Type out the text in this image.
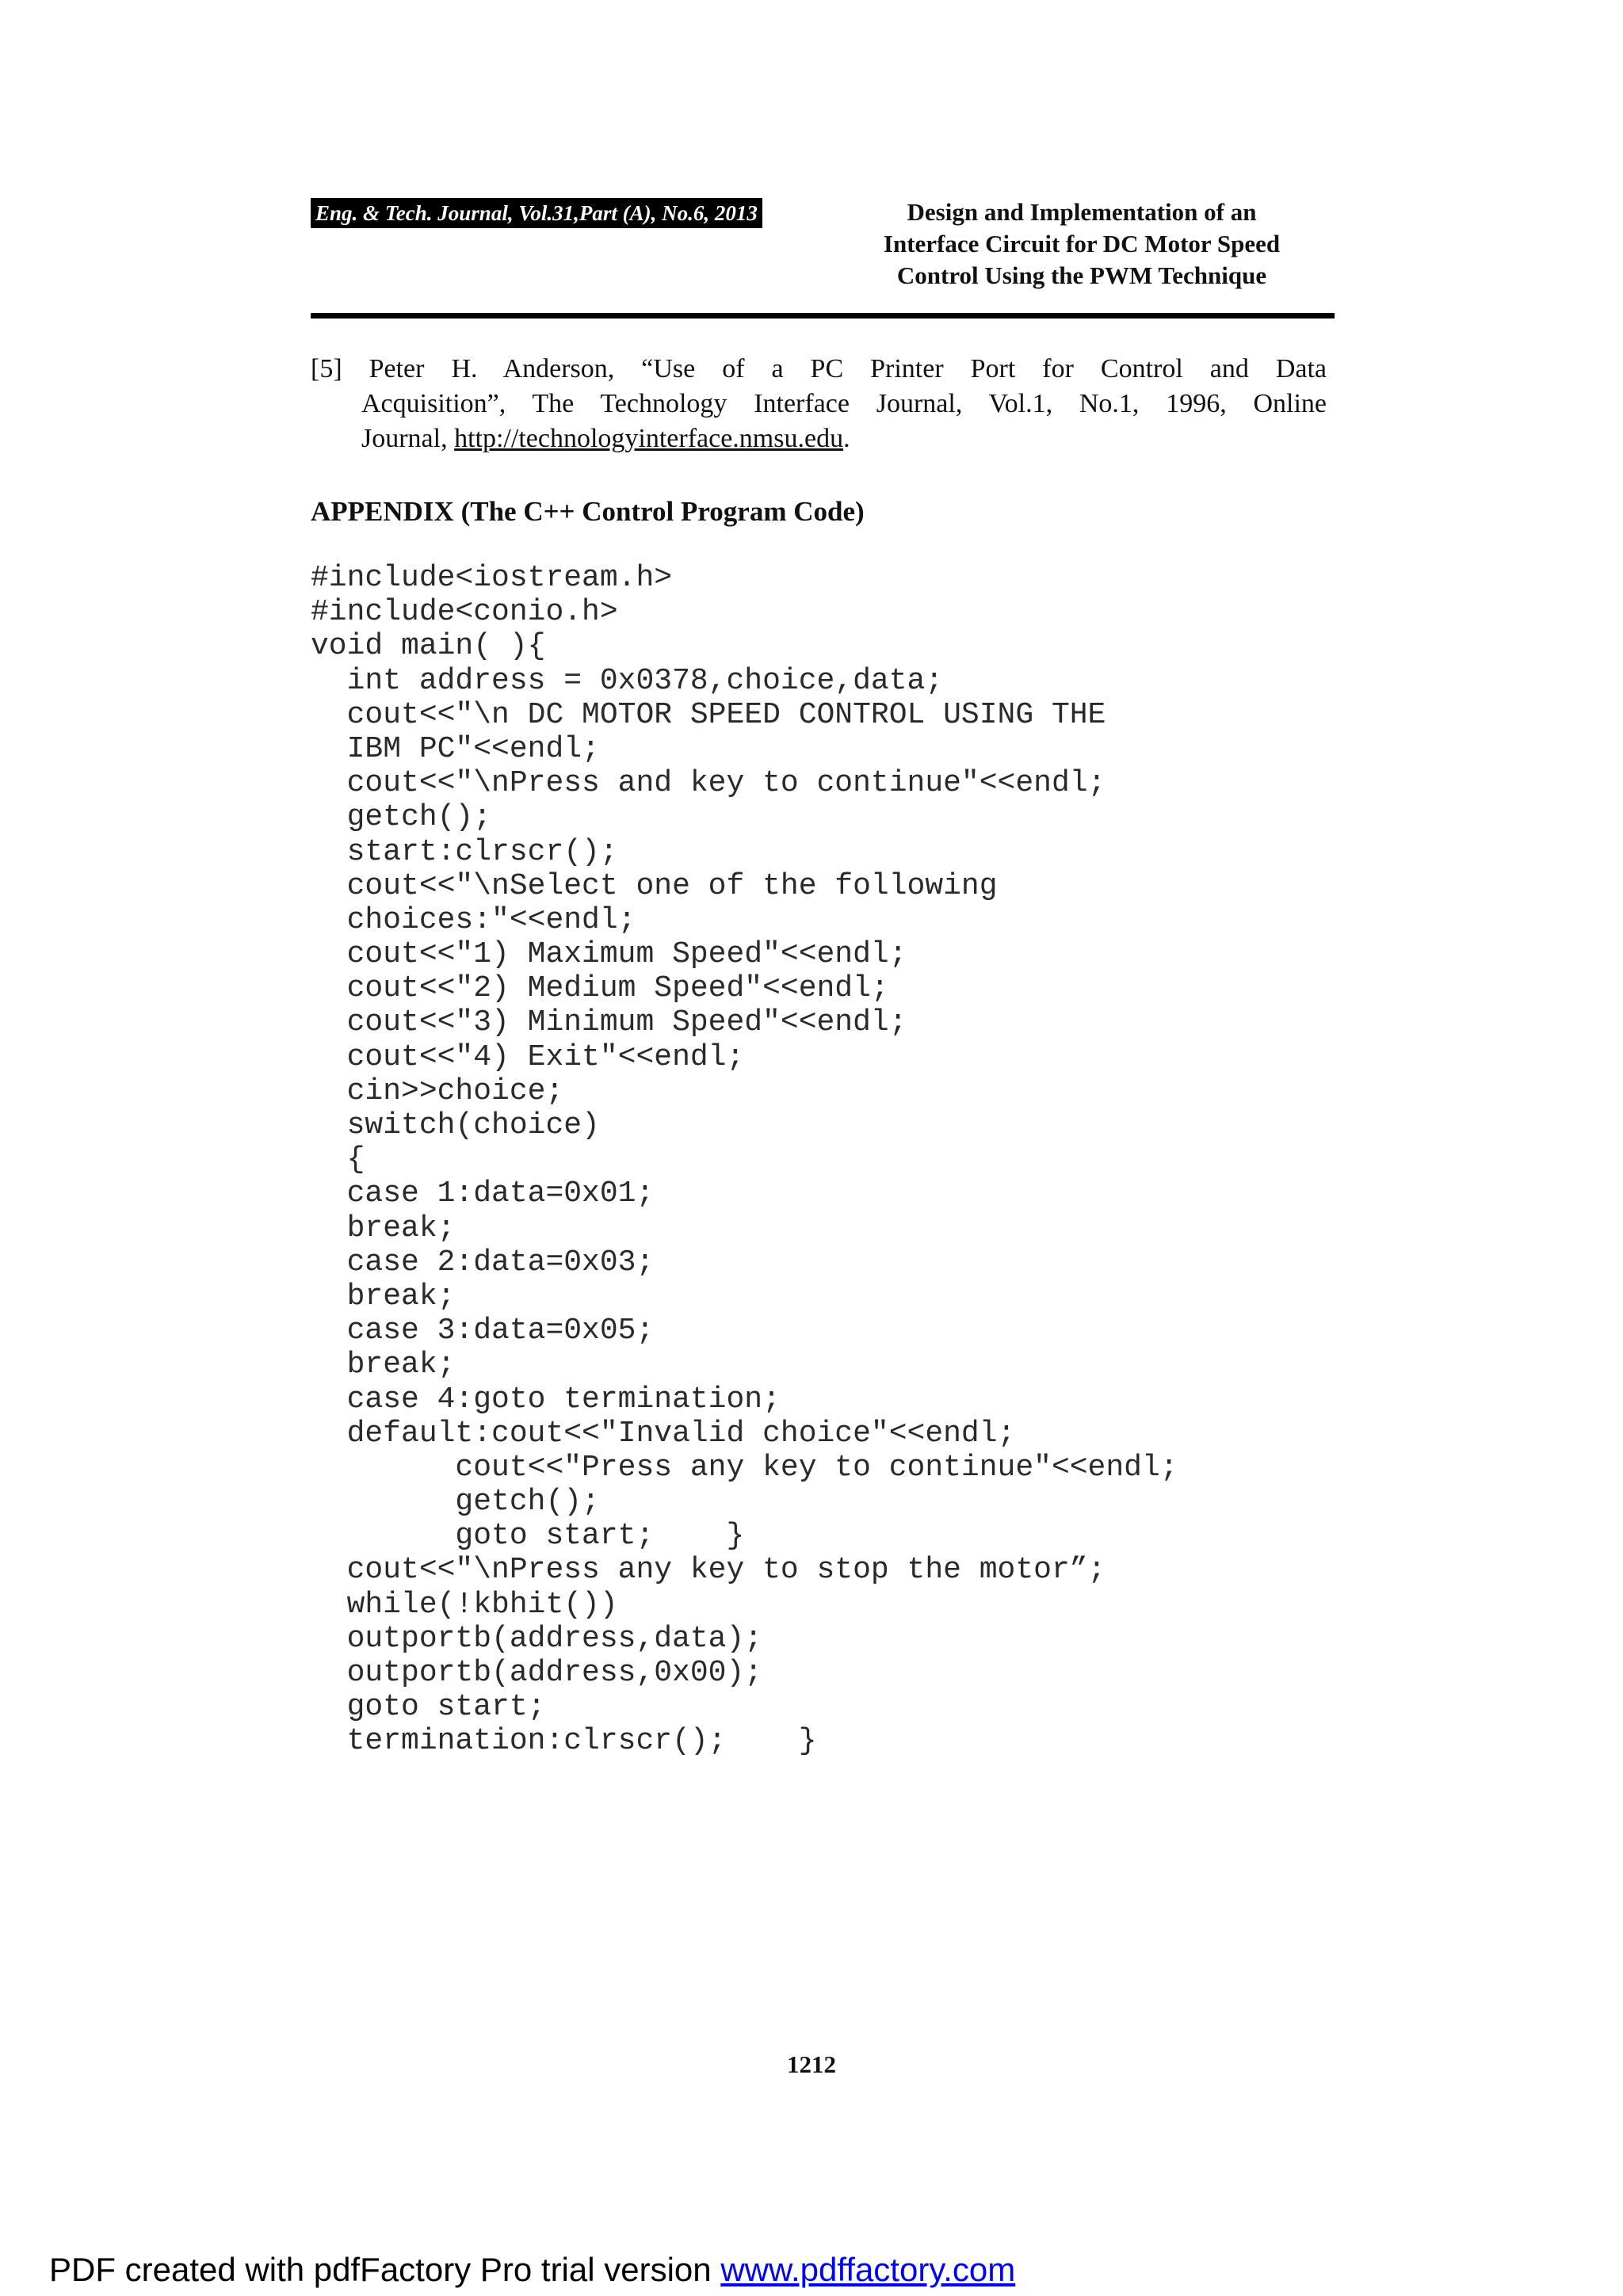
Eng. & Tech. Journal, Vol.31,Part (A), No.6, 2013	Design and Implementation of an
Interface Circuit for DC Motor Speed
Control Using the PWM Technique
[5] Peter H. Anderson, “Use of a PC Printer Port for Control and Data
Acquisition”, The Technology Interface Journal, Vol.1, No.1, 1996, Online
Journal, http://technologyinterface.nmsu.edu.
APPENDIX (The C++ Control Program Code)
#include<iostream.h>
#include<conio.h>
void main( ){
int address = 0x0378,choice,data;
cout<<"\n DC MOTOR SPEED CONTROL USING THE
IBM PC"<<endl;
cout<<"\nPress and key to continue"<<endl;
getch();
start:clrscr();
cout<<"\nSelect one of the following
choices:"<<endl;
cout<<"1) Maximum Speed"<<endl;
cout<<"2) Medium Speed"<<endl;
cout<<"3) Minimum Speed"<<endl;
cout<<"4) Exit"<<endl;
cin>>choice;
switch(choice)
{
case 1:data=0x01;
break;
case 2:data=0x03;
break;
case 3:data=0x05;
break;
case 4:goto termination;
default:cout<<"Invalid choice"<<endl;
cout<<"Press any key to continue"<<endl;
getch();
goto start;    }
cout<<"\nPress any key to stop the motor”;
while(!kbhit())
outportb(address,data);
outportb(address,0x00);
goto start;
termination:clrscr();    }
1212
PDF created with pdfFactory Pro trial version www.pdffactory.com
